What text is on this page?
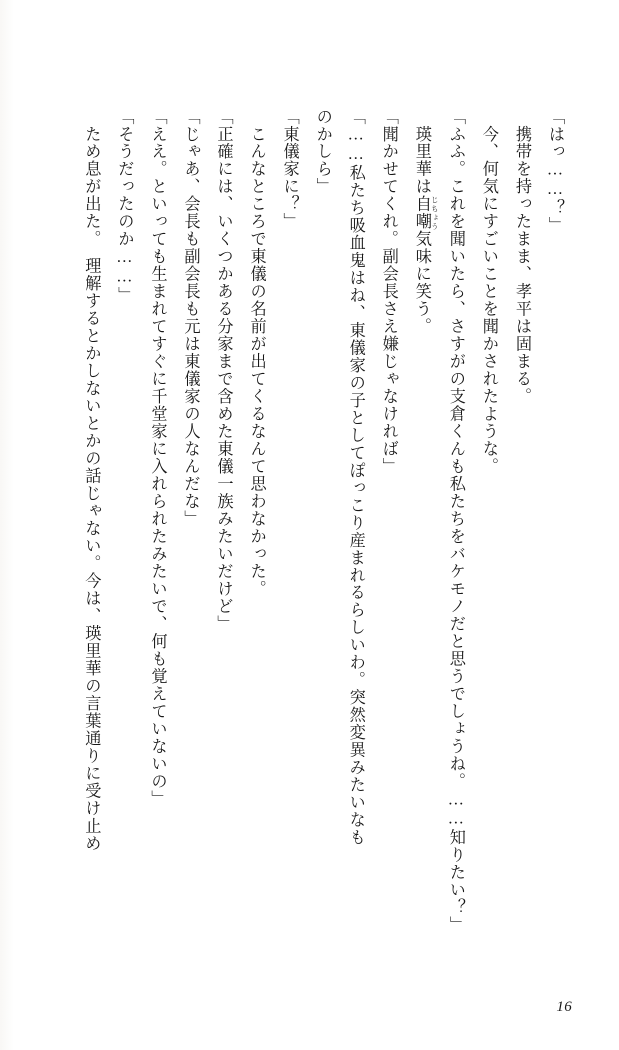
「はっ……？」

　携帯を持ったまま、孝平は固まる。

　今、何気にすごいことを聞かされたような。

「ふふ。これを聞いたら、さすがの支倉くんも私たちをバケモノだと思うでしょうね。……知りたい？」

　瑛里華は自嘲 じちょう気味に笑う。

「聞かせてくれ。副会長さえ嫌じゃなければ」

「……私たち吸血鬼はね、東儀家の子としてぽっこり産まれるらしいわ。突然変異みたいなも

のかしら」

「東儀家に？」

　こんなところで東儀の名前が出てくるなんて思わなかった。

「正確には、いくつかある分家まで含めた東儀一族みたいだけど」

「じゃあ、会長も副会長も元は東儀家の人なんだな」

「ええ。といっても生まれてすぐに千堂家に入れられたみたいで、何も覚えていないの」

「そうだったのか……」

　ため息が出た。　理解するとかしないとかの話じゃない。今は、瑛里華の言葉通りに受け止め

16
